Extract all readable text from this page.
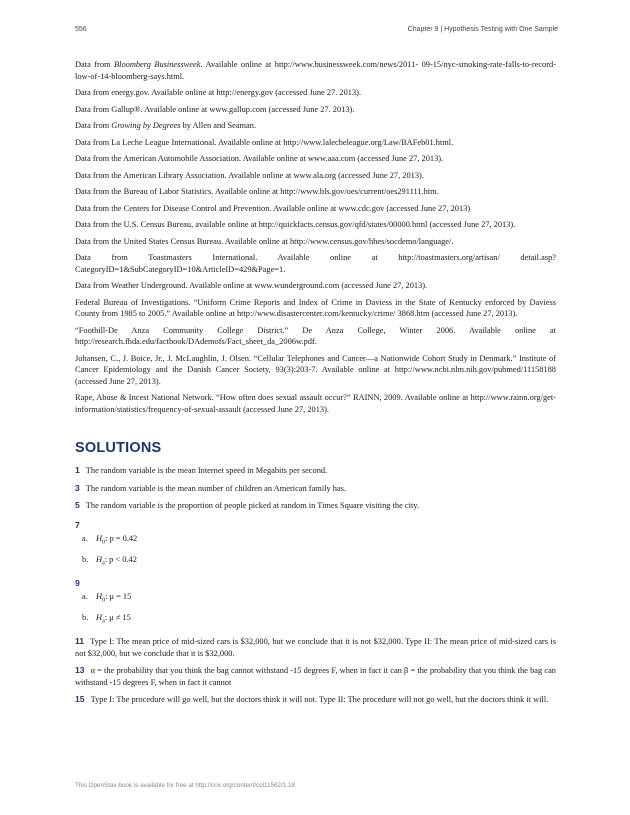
556	Chapter 9 | Hypothesis Testing with One Sample

Data from Bloomberg Businessweek. Available online at http://www.businessweek.com/news/2011- 09-15/nyc-smoking-rate-falls-to-record-low-of-14-bloomberg-says.html.

Data from energy.gov. Available online at http://energy.gov (accessed June 27. 2013).

Data from Gallup®. Available online at www.gallup.com (accessed June 27. 2013).

Data from Growing by Degrees by Allen and Seaman.

Data from La Leche League International. Available online at http://www.lalecheleague.org/Law/BAFeb01.html.

Data from the American Automobile Association. Available online at www.aaa.com (accessed June 27, 2013).

Data from the American Library Association. Available online at www.ala.org (accessed June 27, 2013).

Data from the Bureau of Labor Statistics. Available online at http://www.bls.gov/oes/current/oes291111.htm.

Data from the Centers for Disease Control and Prevention. Available online at www.cdc.gov (accessed June 27, 2013)

Data from the U.S. Census Bureau, available online at http://quickfacts.census.gov/qfd/states/00000.html (accessed June 27, 2013).

Data from the United States Census Bureau. Available online at http://www.census.gov/hhes/socdemo/language/.

Data from Toastmasters International. Available online at http://toastmasters.org/artisan/ detail.asp?CategoryID=1&SubCategoryID=10&ArticleID=429&Page=1.

Data from Weather Underground. Available online at www.wunderground.com (accessed June 27, 2013).

Federal Bureau of Investigations. “Uniform Crime Reports and Index of Crime in Daviess in the State of Kentucky enforced by Daviess County from 1985 to 2005.” Available online at http://www.disastercenter.com/kentucky/crime/ 3868.htm (accessed June 27, 2013).

“Foothill-De Anza Community College District.” De Anza College, Winter 2006. Available online at http://research.fhda.edu/factbook/DAdemofs/Fact_sheet_da_2006w.pdf.

Johansen, C., J. Boice, Jr., J. McLaughlin, J. Olsen. “Cellular Telephones and Cancer—a Nationwide Cohort Study in Denmark.” Institute of Cancer Epidemiology and the Danish Cancer Society, 93(3):203-7. Available online at http://www.ncbi.nlm.nih.gov/pubmed/11158188 (accessed June 27, 2013).

Rape, Abuse & Incest National Network. “How often does sexual assault occur?” RAINN, 2009. Available online at http://www.rainn.org/get-information/statistics/frequency-of-sexual-assault (accessed June 27, 2013).

SOLUTIONS

1 The random variable is the mean Internet speed in Megabits per second.

3 The random variable is the mean number of children an American family has.

5 The random variable is the proportion of people picked at random in Times Square visiting the city.

7
a. $H_0$: p = 0.42
b. $H_a$: p < 0.42
9
a. $H_0$: μ = 15
b. $H_a$: μ ≠ 15

11 Type I: The mean price of mid-sized cars is $32,000, but we conclude that it is not $32,000. Type II: The mean price of mid-sized cars is not $32,000, but we conclude that it is $32,000.

13 α = the probability that you think the bag cannot withstand -15 degrees F, when in fact it can β = the probability that you think the bag can withstand -15 degrees F, when in fact it cannot

15 Type I: The procedure will go well, but the doctors think it will not. Type II: The procedure will not go well, but the doctors think it will.

This OpenStax book is available for free at http://cnx.org/content/col11562/1.18
